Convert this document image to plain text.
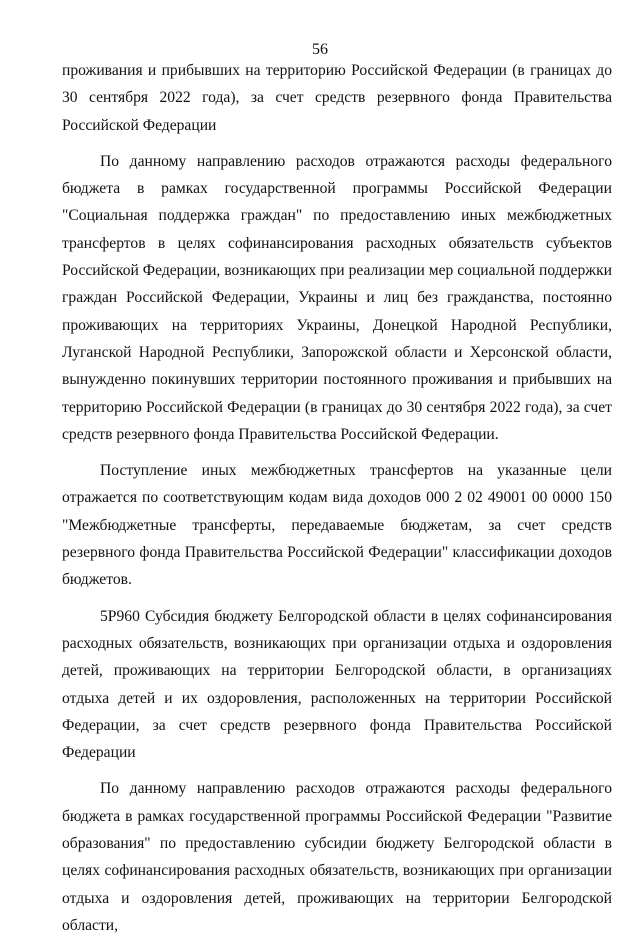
56

проживания и прибывших на территорию Российской Федерации (в границах до 30 сентября 2022 года), за счет средств резервного фонда Правительства Российской Федерации

По данному направлению расходов отражаются расходы федерального бюджета в рамках государственной программы Российской Федерации "Социальная поддержка граждан" по предоставлению иных межбюджетных трансфертов в целях софинансирования расходных обязательств субъектов Российской Федерации, возникающих при реализации мер социальной поддержки граждан Российской Федерации, Украины и лиц без гражданства, постоянно проживающих на территориях Украины, Донецкой Народной Республики, Луганской Народной Республики, Запорожской области и Херсонской области, вынужденно покинувших территории постоянного проживания и прибывших на территорию Российской Федерации (в границах до 30 сентября 2022 года), за счет средств резервного фонда Правительства Российской Федерации.

Поступление иных межбюджетных трансфертов на указанные цели отражается по соответствующим кодам вида доходов 000 2 02 49001 00 0000 150 "Межбюджетные трансферты, передаваемые бюджетам, за счет средств резервного фонда Правительства Российской Федерации" классификации доходов бюджетов.

5Р960 Субсидия бюджету Белгородской области в целях софинансирования расходных обязательств, возникающих при организации отдыха и оздоровления детей, проживающих на территории Белгородской области, в организациях отдыха детей и их оздоровления, расположенных на территории Российской Федерации, за счет средств резервного фонда Правительства Российской Федерации

По данному направлению расходов отражаются расходы федерального бюджета в рамках государственной программы Российской Федерации "Развитие образования" по предоставлению субсидии бюджету Белгородской области в целях софинансирования расходных обязательств, возникающих при организации отдыха и оздоровления детей, проживающих на территории Белгородской области,
